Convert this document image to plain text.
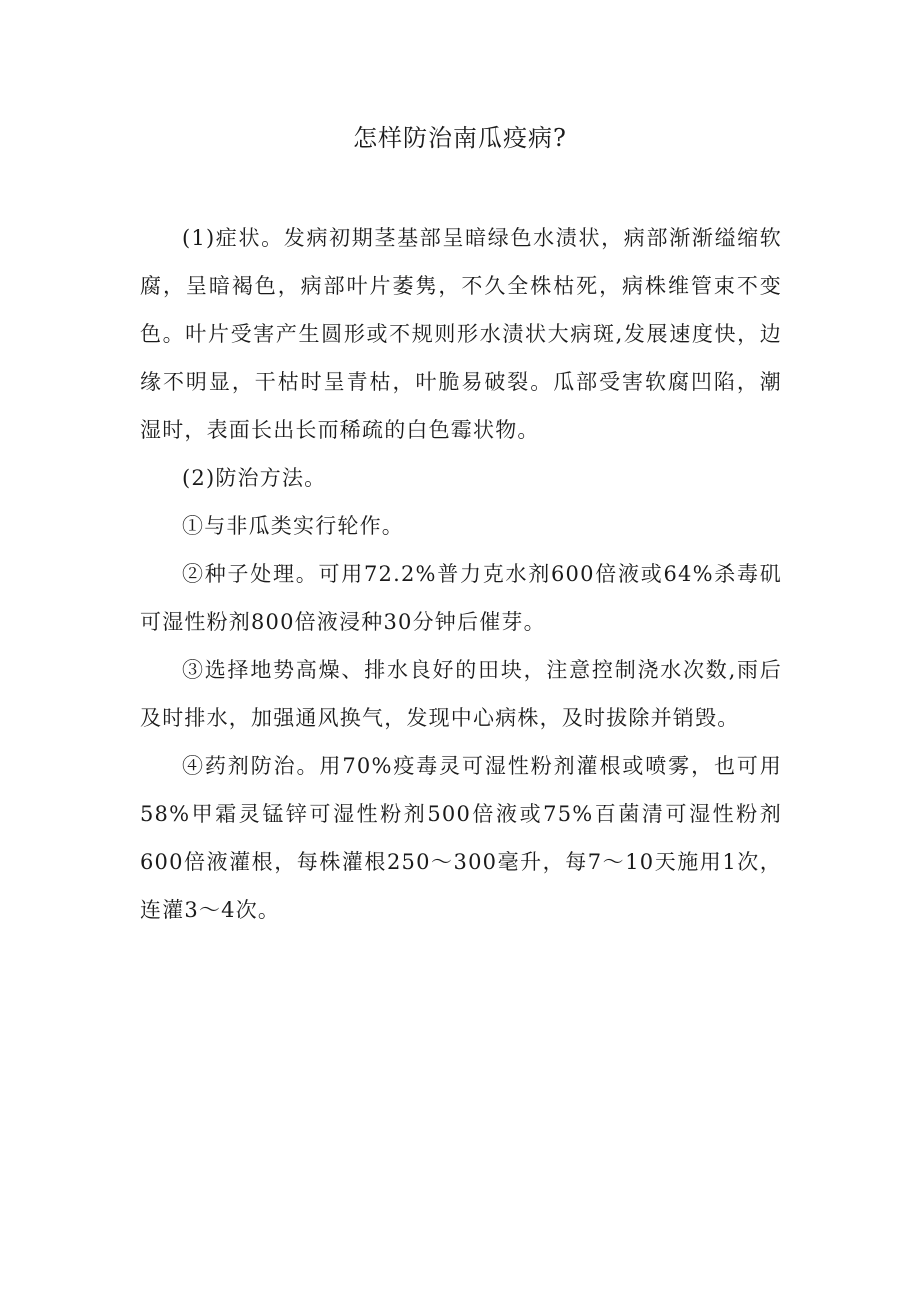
怎样防治南瓜疫病?

(1)症状。发病初期茎基部呈暗绿色水渍状，病部渐渐缢缩软腐，呈暗褐色，病部叶片萎隽，不久全株枯死，病株维管束不变色。叶片受害产生圆形或不规则形水渍状大病斑,发展速度快，边缘不明显，干枯时呈青枯，叶脆易破裂。瓜部受害软腐凹陷，潮湿时，表面长出长而稀疏的白色霉状物。

(2)防治方法。

①与非瓜类实行轮作。

②种子处理。可用72.2%普力克水剂600倍液或64%杀毒矶可湿性粉剂800倍液浸种30分钟后催芽。

③选择地势高燥、排水良好的田块，注意控制浇水次数,雨后及时排水，加强通风换气，发现中心病株，及时拔除并销毁。

④药剂防治。用70%疫毒灵可湿性粉剂灌根或喷雾，也可用58%甲霜灵锰锌可湿性粉剂500倍液或75%百菌清可湿性粉剂600倍液灌根，每株灌根250〜300毫升，每7〜10天施用1次，连灌3〜4次。
